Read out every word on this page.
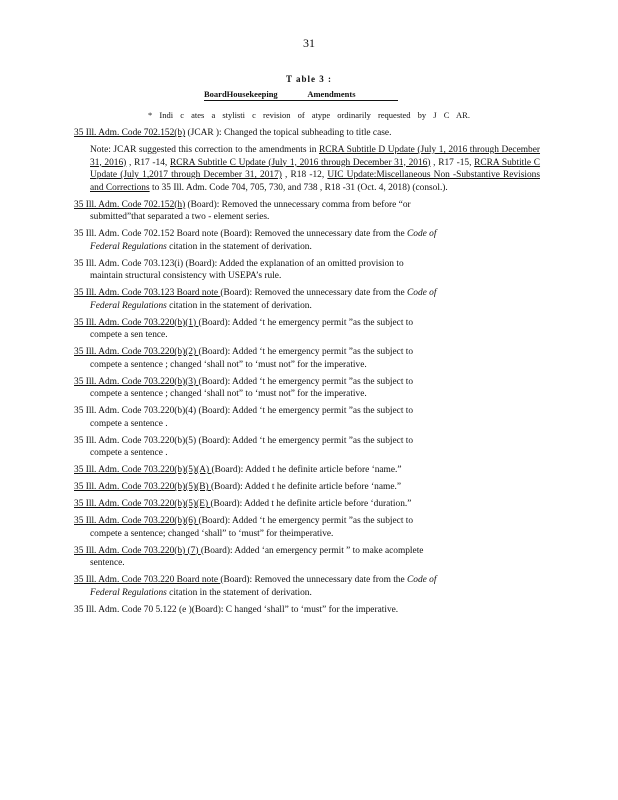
31
T able 3 :
BoardHousekeeping Amendments
* Indi c ates a stylisti c revision of atype ordinarily requested by J C AR.
35 Ill. Adm. Code 702.152(b) (JCAR ): Changed the topical subheading to title case.
Note: JCAR suggested this correction to the amendments in RCRA Subtitle D Update (July 1, 2016 through December 31, 2016) , R17 -14, RCRA Subtitle C Update (July 1, 2016 through December 31, 2016) , R17 -15, RCRA Subtitle C Update (July 1,2017 through December 31, 2017) , R18 -12, UIC Update:Miscellaneous Non -Substantive Revisions and Corrections to 35 Ill. Adm. Code 704, 705, 730, and 738 , R18 -31 (Oct. 4, 2018) (consol.).
35 Ill. Adm. Code 702.152(h) (Board): Removed the unnecessary comma from before “or
submitted”that separated a two - element series.
35 Ill. Adm. Code 702.152 Board note (Board): Removed the unnecessary date from the Code of
Federal Regulations citation in the statement of derivation.
35 Ill. Adm. Code 703.123(i) (Board): Added the explanation of an omitted provision to
maintain structural consistency with USEPA’s rule.
35 Ill. Adm. Code 703.123 Board note (Board): Removed the unnecessary date from the Code of
Federal Regulations citation in the statement of derivation.
35 Ill. Adm. Code 703.220(b)(1) (Board): Added ‘t he emergency permit ”as the subject to
compete a sen tence.
35 Ill. Adm. Code 703.220(b)(2) (Board): Added ‘t he emergency permit ”as the subject to
compete a sentence ; changed ‘shall not” to ‘must not” for the imperative.
35 Ill. Adm. Code 703.220(b)(3) (Board): Added ‘t he emergency permit ”as the subject to
compete a sentence ; changed ‘shall not” to ‘must not” for the imperative.
35 Ill. Adm. Code 703.220(b)(4) (Board): Added ‘t he emergency permit ”as the subject to
compete a sentence .
35 Ill. Adm. Code 703.220(b)(5) (Board): Added ‘t he emergency permit ”as the subject to
compete a sentence .
35 Ill. Adm. Code 703.220(b)(5)(A) (Board): Added t he definite article before ‘name.”
35 Ill. Adm. Code 703.220(b)(5)(B) (Board): Added t he definite article before ‘name.”
35 Ill. Adm. Code 703.220(b)(5)(E) (Board): Added t he definite article before ‘duration.”
35 Ill. Adm. Code 703.220(b)(6) (Board): Added ‘t he emergency permit ”as the subject to
compete a sentence; changed ‘shall” to ‘must” for theimperative.
35 Ill. Adm. Code 703.220(b) (7) (Board): Added ‘an emergency permit ” to make acomplete
sentence.
35 Ill. Adm. Code 703.220 Board note (Board): Removed the unnecessary date from the Code of
Federal Regulations citation in the statement of derivation.
35 Ill. Adm. Code 70 5.122 (e )(Board): C hanged ‘shall” to ‘must” for the imperative.
